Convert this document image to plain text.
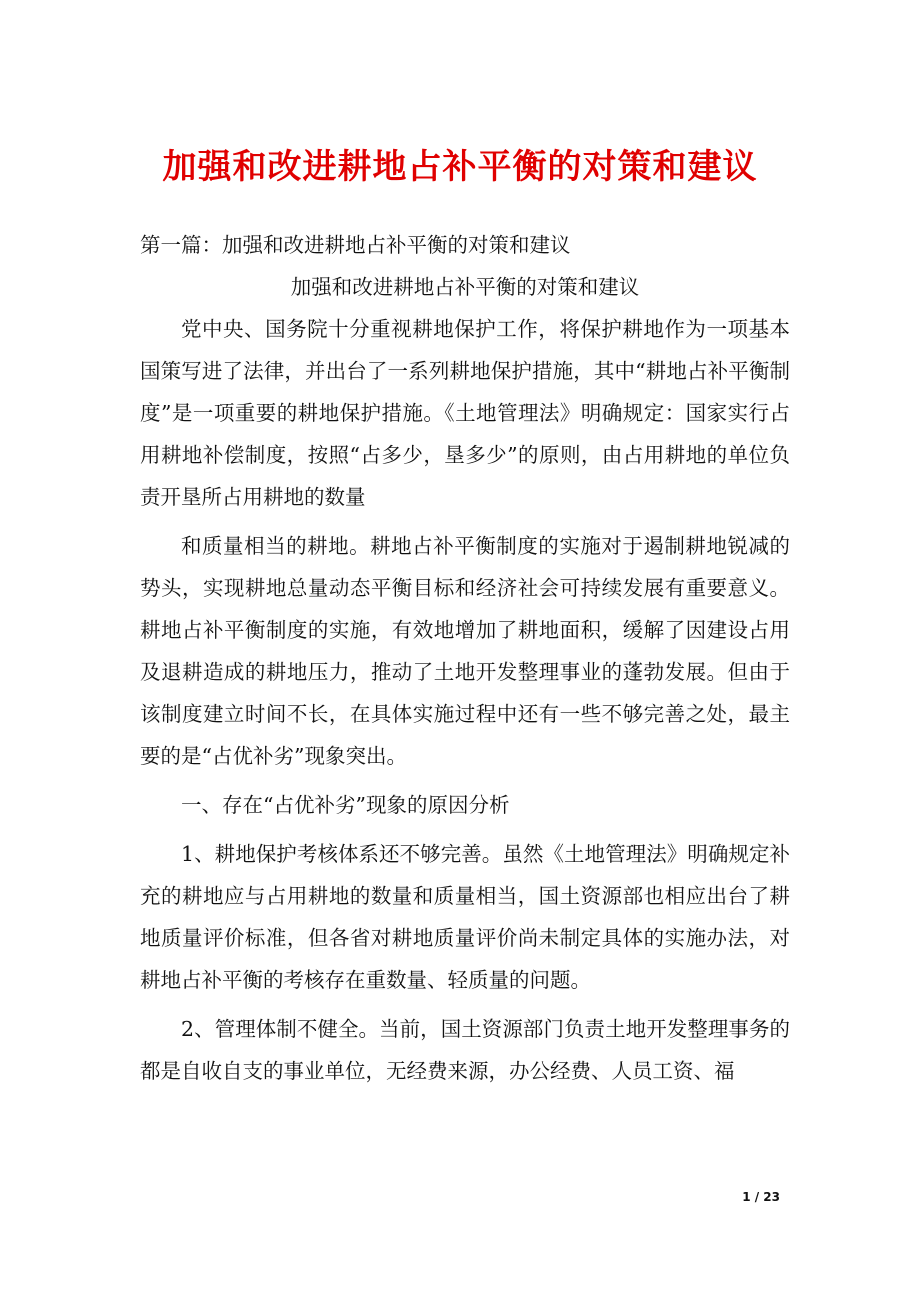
加强和改进耕地占补平衡的对策和建议

第一篇：加强和改进耕地占补平衡的对策和建议

加强和改进耕地占补平衡的对策和建议

党中央、国务院十分重视耕地保护工作，将保护耕地作为一项基本国策写进了法律，并出台了一系列耕地保护措施，其中“耕地占补平衡制度”是一项重要的耕地保护措施。《土地管理法》明确规定：国家实行占用耕地补偿制度，按照“占多少，垦多少”的原则，由占用耕地的单位负责开垦所占用耕地的数量

和质量相当的耕地。耕地占补平衡制度的实施对于遏制耕地锐减的势头，实现耕地总量动态平衡目标和经济社会可持续发展有重要意义。耕地占补平衡制度的实施，有效地增加了耕地面积，缓解了因建设占用及退耕造成的耕地压力，推动了土地开发整理事业的蓬勃发展。但由于该制度建立时间不长，在具体实施过程中还有一些不够完善之处，最主要的是“占优补劣”现象突出。

一、存在“占优补劣”现象的原因分析

1、耕地保护考核体系还不够完善。虽然《土地管理法》明确规定补充的耕地应与占用耕地的数量和质量相当，国土资源部也相应出台了耕地质量评价标准，但各省对耕地质量评价尚未制定具体的实施办法，对耕地占补平衡的考核存在重数量、轻质量的问题。

2、管理体制不健全。当前，国土资源部门负责土地开发整理事务的都是自收自支的事业单位，无经费来源，办公经费、人员工资、福

1 / 23
